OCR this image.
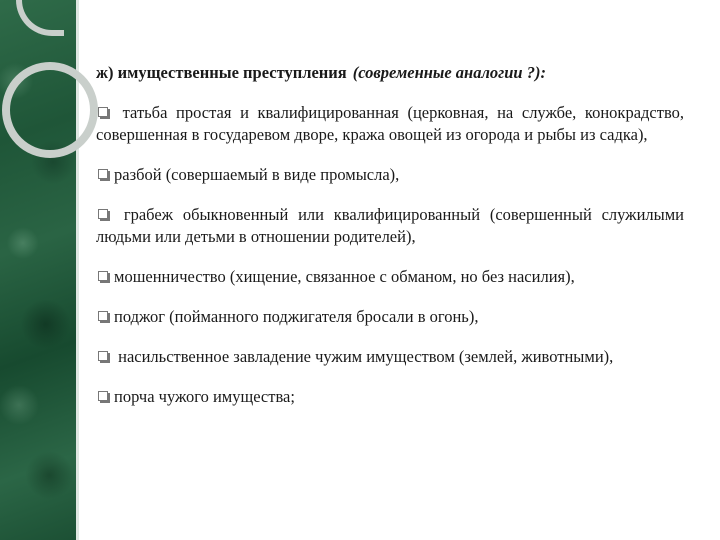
ж) имущественные преступления (современные аналогии ?):

татьба простая и квалифицированная (церковная, на службе, конокрадство, совершенная в государевом дворе, кража овощей из огорода и рыбы из садка),

разбой (совершаемый в виде промысла),

грабеж обыкновенный или квалифицированный (совершенный служилыми людьми или детьми в отношении родителей),

мошенничество (хищение, связанное с обманом, но без насилия),

поджог (пойманного поджигателя бросали в огонь),

насильственное завладение чужим имуществом (землей, животными),

порча чужого имущества;
